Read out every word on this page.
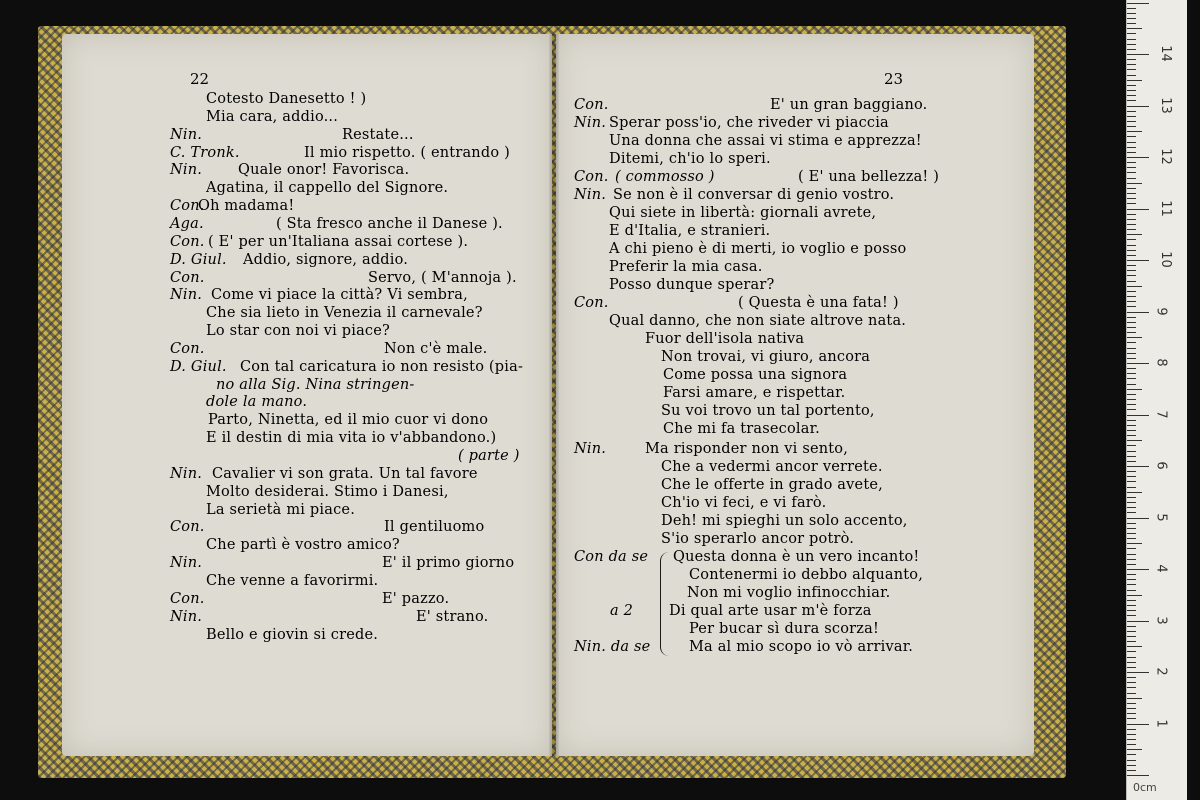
22	23
Cotesto Danesetto ! )
Mia cara, addio...
Nin.	Restate...
C. Tronk.	Il mio rispetto. ( entrando )
Nin. Quale onor! Favorisca.
Agatina, il cappello del Signore.
Con.
Oh madama!
Aga.	( Sta fresco anche il Danese ).
Con. ( E' per un'Italiana assai cortese ).
D. Giul. Addio, signore, addio.
Con.	Servo, ( M'annoja ).
Nin. Come vi piace la città? Vi sembra,
Che sia lieto in Venezia il carnevale?
Lo star con noi vi piace?
Con.	Non c'è male.
D. Giul. Con tal caricatura io non resisto (pia-
no alla Sig. Nina stringen-
dole la mano.
Parto, Ninetta, ed il mio cuor vi dono
E il destin di mia vita io v'abbandono.)
( parte )
Nin. Cavalier vi son grata. Un tal favore
Molto desiderai. Stimo i Danesi,
La serietà mi piace.
Con.	Il gentiluomo
Che partì è vostro amico?
Nin.	E' il primo giorno
Che venne a favorirmi.
Con.	E' pazzo.
Nin.	E' strano.
Bello e giovin si crede.
Con.	E' un gran baggiano.
Nin. Sperar poss'io, che riveder vi piaccia
Una donna che assai vi stima e apprezza!
Ditemi, ch'io lo speri.
Con. ( commosso )	( E' una bellezza! )
Nin. Se non è il conversar di genio vostro.
Qui siete in libertà: giornali avrete,
E d'Italia, e stranieri.
A chi pieno è di merti, io voglio e posso
Preferir la mia casa.
Posso dunque sperar?
Con.	( Questa è una fata! )
Qual danno, che non siate altrove nata.
Fuor dell'isola nativa
Non trovai, vi giuro, ancora
Come possa una signora
Farsi amare, e rispettar.
Su voi trovo un tal portento,
Che mi fa trasecolar.
Nin.	Ma risponder non vi sento,
Che a vedermi ancor verrete.
Che le offerte in grado avete,
Ch'io vi feci, e vi farò.
Deh! mi spieghi un solo accento,
S'io sperarlo ancor potrò.
Con da se Questa donna è un vero incanto!
Contenermi io debbo alquanto,
Non mi voglio infinocchiar.
a 2 Di qual arte usar m'è forza
Per bucar sì dura scorza!
Nin. da se	Ma al mio scopo io vò arrivar.
0cm
1
2
3
4
5
6
7
8
9
10
11
12
13
14
